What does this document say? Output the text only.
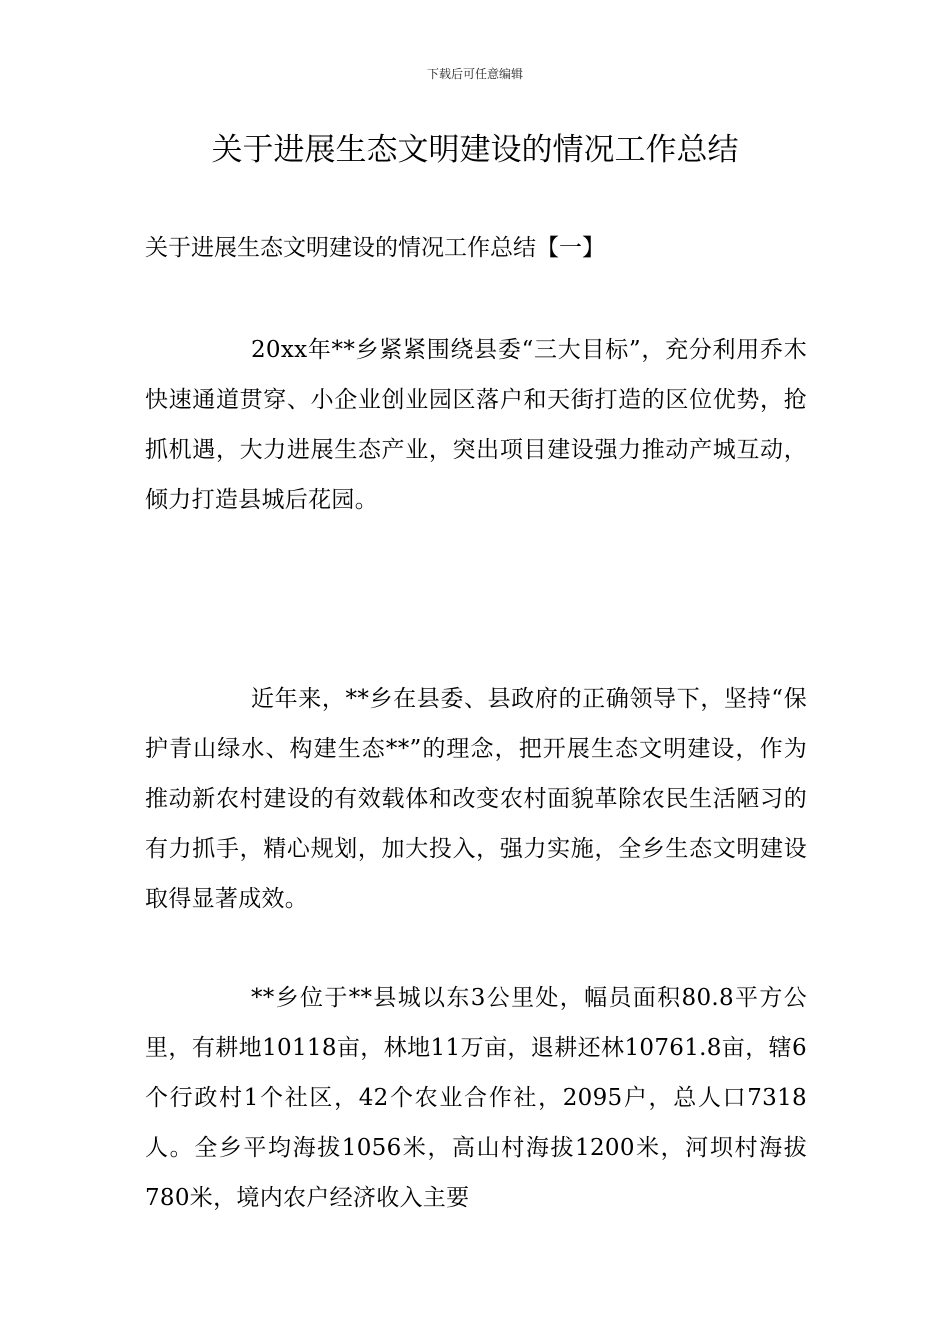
下载后可任意编辑
关于进展生态文明建设的情况工作总结

关于进展生态文明建设的情况工作总结【一】

20xx年**乡紧紧围绕县委“三大目标”，充分利用乔木快速通道贯穿、小企业创业园区落户和天街打造的区位优势，抢抓机遇，大力进展生态产业，突出项目建设强力推动产城互动，倾力打造县城后花园。

近年来，**乡在县委、县政府的正确领导下，坚持“保护青山绿水、构建生态**”的理念，把开展生态文明建设，作为推动新农村建设的有效载体和改变农村面貌革除农民生活陋习的有力抓手，精心规划，加大投入，强力实施，全乡生态文明建设取得显著成效。

**乡位于**县城以东3公里处，幅员面积80.8平方公里，有耕地10118亩，林地11万亩，退耕还林10761.8亩，辖6个行政村1个社区，42个农业合作社，2095户，总人口7318人。全乡平均海拔1056米，高山村海拔1200米，河坝村海拔780米，境内农户经济收入主要
